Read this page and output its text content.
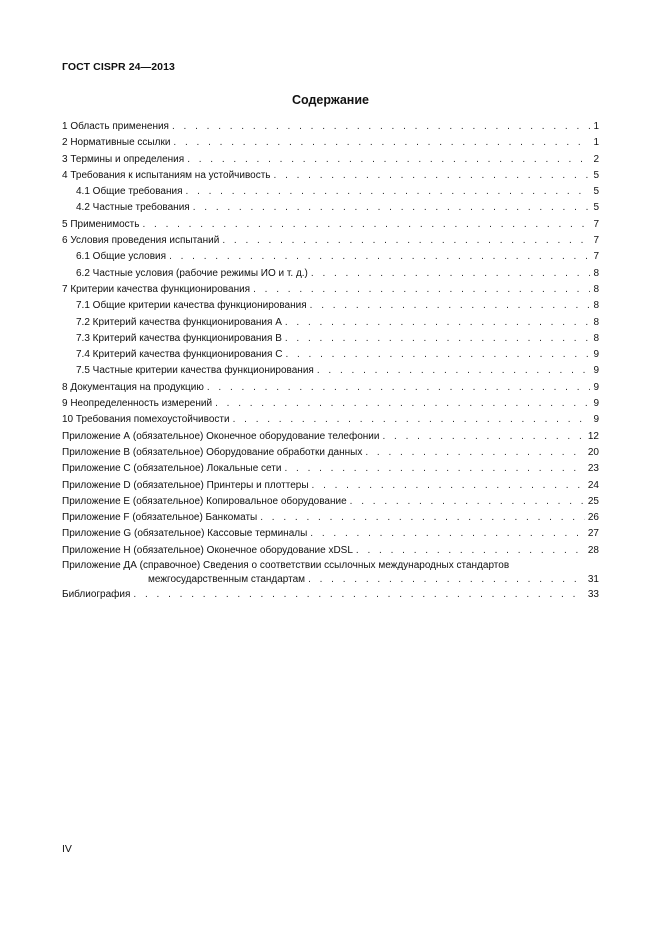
ГОСТ CISPR 24—2013
Содержание
1 Область применения . . .	1
2 Нормативные ссылки . . .	1
3 Термины и определения . . .	2
4 Требования к испытаниям на устойчивость . . .	5
4.1 Общие требования . . .	5
4.2 Частные требования . . .	5
5 Применимость . . .	7
6 Условия проведения испытаний . . .	7
6.1 Общие условия . . .	7
6.2 Частные условия (рабочие режимы ИО и т. д.) . . .	8
7 Критерии качества функционирования . . .	8
7.1 Общие критерии качества функционирования . . .	8
7.2 Критерий качества функционирования А . . .	8
7.3 Критерий качества функционирования В . . .	8
7.4 Критерий качества функционирования С . . .	9
7.5 Частные критерии качества функционирования . . .	9
8 Документация на продукцию . . .	9
9 Неопределенность измерений . . .	9
10 Требования помехоустойчивости . . .	9
Приложение А (обязательное) Оконечное оборудование телефонии . . .	12
Приложение В (обязательное) Оборудование обработки данных . . .	20
Приложение С (обязательное) Локальные сети . . .	23
Приложение D (обязательное) Принтеры и плоттеры . . .	24
Приложение Е (обязательное) Копировальное оборудование . . .	25
Приложение F (обязательное) Банкоматы . . .	26
Приложение G (обязательное) Кассовые терминалы . . .	27
Приложение Н (обязательное) Оконечное оборудование xDSL . . .	28
Приложение ДА (справочное) Сведения о соответствии ссылочных международных стандартов
межгосударственным стандартам . . .	31
Библиография . . .	33
IV
